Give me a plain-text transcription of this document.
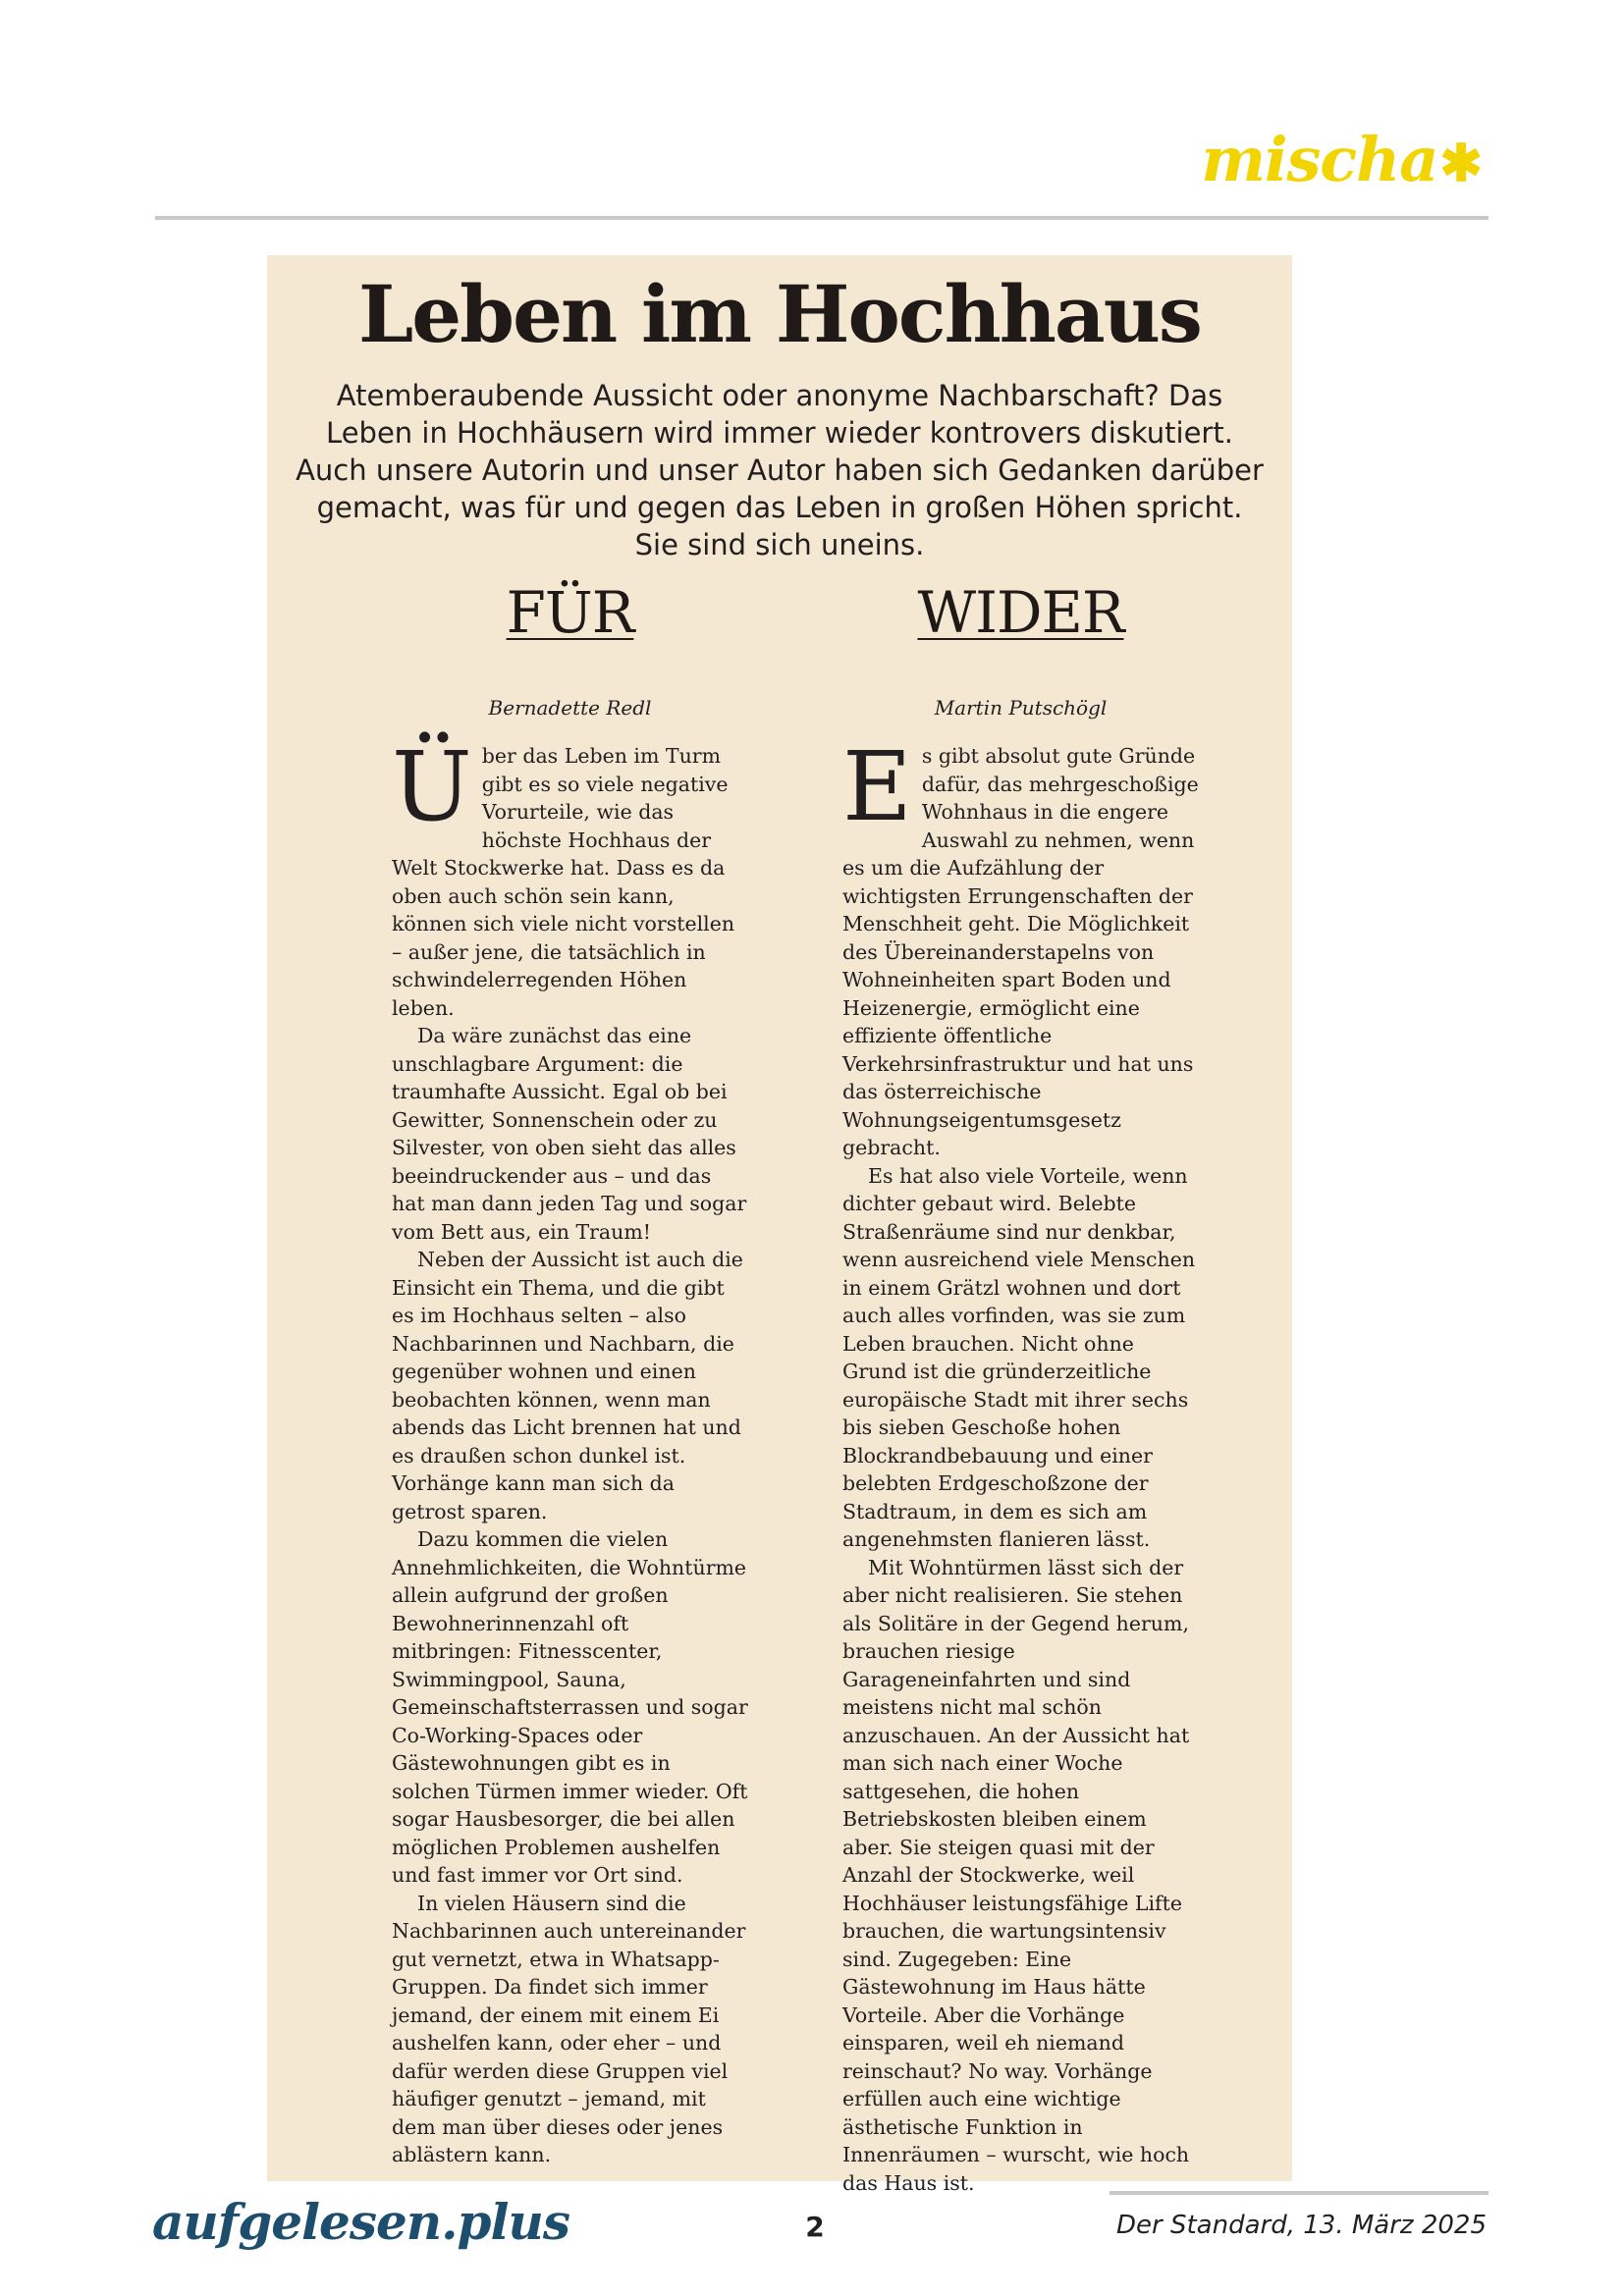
mischa✱
Leben im Hochhaus

Atemberaubende Aussicht oder anonyme Nachbarschaft? Das Leben in Hochhäusern wird immer wieder kontrovers diskutiert. Auch unsere Autorin und unser Autor haben sich Gedanken darüber gemacht, was für und gegen das Leben in großen Höhen spricht. Sie sind sich uneins.

FÜR
Bernadette Redl

Über das Leben im Turm gibt es so viele negative Vorurteile, wie das höchste Hochhaus der Welt Stockwerke hat. Dass es da oben auch schön sein kann, können sich viele nicht vorstellen – außer jene, die tatsächlich in schwindelerregenden Höhen leben.

Da wäre zunächst das eine unschlagbare Argument: die traumhafte Aussicht. Egal ob bei Gewitter, Sonnenschein oder zu Silvester, von oben sieht das alles beeindruckender aus – und das hat man dann jeden Tag und sogar vom Bett aus, ein Traum!

Neben der Aussicht ist auch die Einsicht ein Thema, und die gibt es im Hochhaus selten – also Nachbarinnen und Nachbarn, die gegenüber wohnen und einen beobachten können, wenn man abends das Licht brennen hat und es draußen schon dunkel ist. Vorhänge kann man sich da getrost sparen.

Dazu kommen die vielen Annehmlichkeiten, die Wohntürme allein aufgrund der großen Bewohnerinnenzahl oft mitbringen: Fitnesscenter, Swimmingpool, Sauna, Gemeinschaftsterrassen und sogar Co-Working-Spaces oder Gästewohnungen gibt es in solchen Türmen immer wieder. Oft sogar Hausbesorger, die bei allen möglichen Problemen aushelfen und fast immer vor Ort sind.

In vielen Häusern sind die Nachbarinnen auch untereinander gut vernetzt, etwa in Whatsapp-Gruppen. Da findet sich immer jemand, der einem mit einem Ei aushelfen kann, oder eher – und dafür werden diese Gruppen viel häufiger genutzt – jemand, mit dem man über dieses oder jenes ablästern kann.

WIDER
Martin Putschögl

Es gibt absolut gute Gründe dafür, das mehrgeschoßige Wohnhaus in die engere Auswahl zu nehmen, wenn es um die Aufzählung der wichtigsten Errungenschaften der Menschheit geht. Die Möglichkeit des Übereinanderstapelns von Wohneinheiten spart Boden und Heizenergie, ermöglicht eine effiziente öffentliche Verkehrsinfrastruktur und hat uns das österreichische Wohnungseigentumsgesetz gebracht.

Es hat also viele Vorteile, wenn dichter gebaut wird. Belebte Straßenräume sind nur denkbar, wenn ausreichend viele Menschen in einem Grätzl wohnen und dort auch alles vorfinden, was sie zum Leben brauchen. Nicht ohne Grund ist die gründerzeitliche europäische Stadt mit ihrer sechs bis sieben Geschoße hohen Blockrandbebauung und einer belebten Erdgeschoßzone der Stadtraum, in dem es sich am angenehmsten flanieren lässt.

Mit Wohntürmen lässt sich der aber nicht realisieren. Sie stehen als Solitäre in der Gegend herum, brauchen riesige Garageneinfahrten und sind meistens nicht mal schön anzuschauen. An der Aussicht hat man sich nach einer Woche sattgesehen, die hohen Betriebskosten bleiben einem aber. Sie steigen quasi mit der Anzahl der Stockwerke, weil Hochhäuser leistungsfähige Lifte brauchen, die wartungsintensiv sind. Zugegeben: Eine Gästewohnung im Haus hätte Vorteile. Aber die Vorhänge einsparen, weil eh niemand reinschaut? No way. Vorhänge erfüllen auch eine wichtige ästhetische Funktion in Innenräumen – wurscht, wie hoch das Haus ist.

aufgelesen.plus	2	Der Standard, 13. März 2025
